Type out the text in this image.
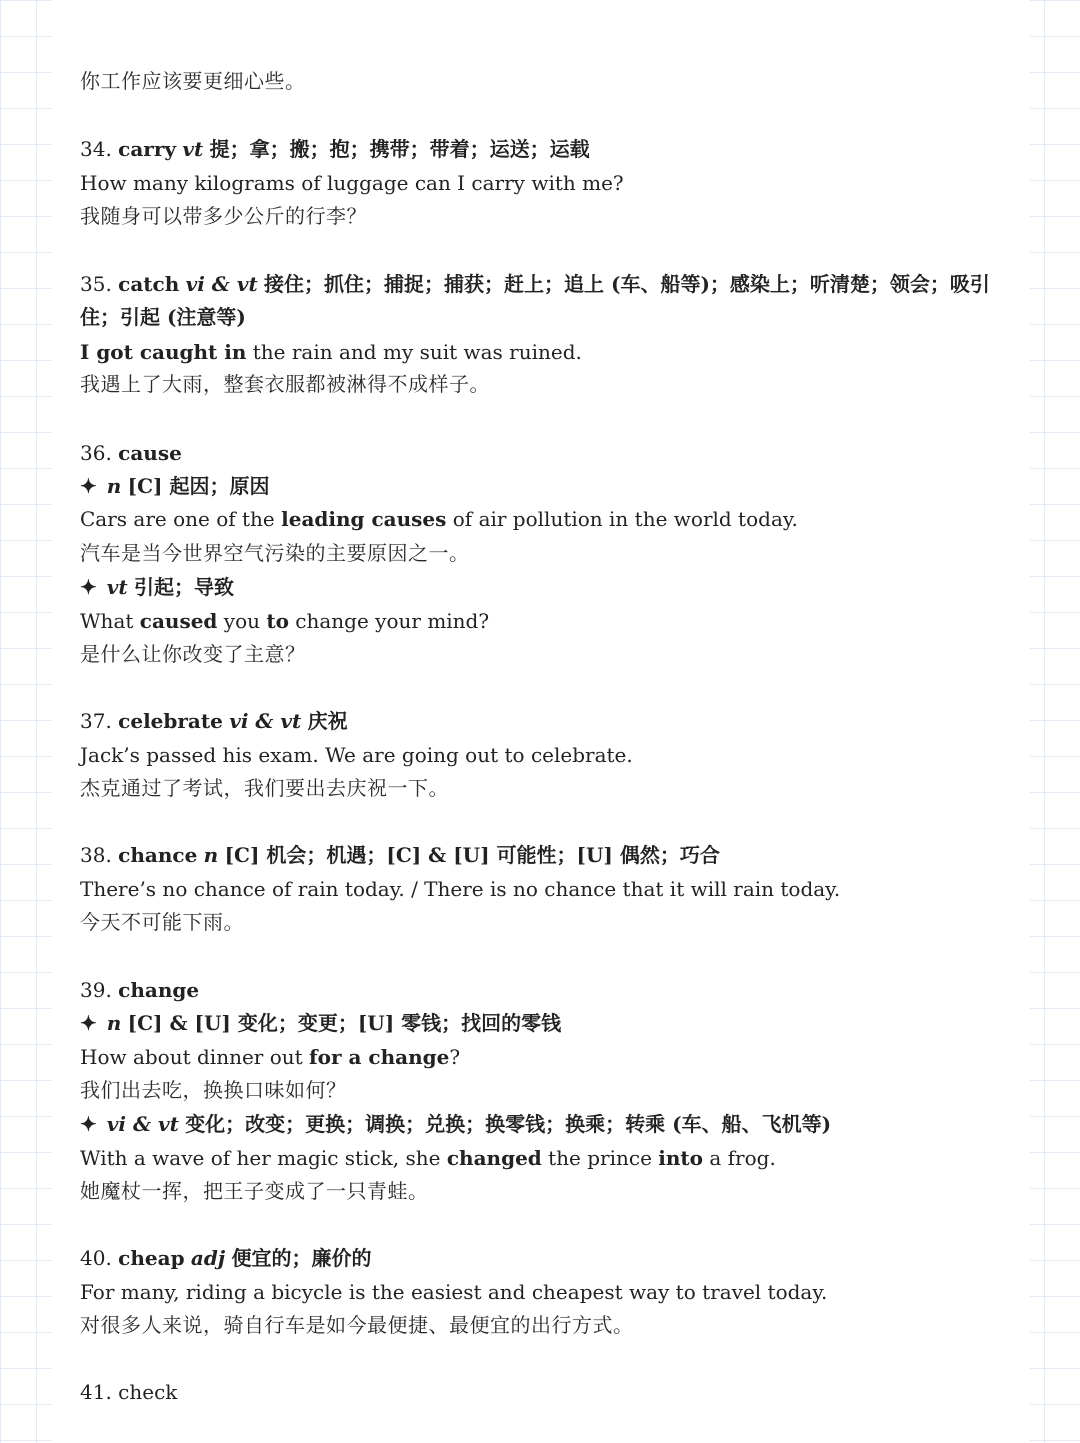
你工作应该要更细心些。
34. carry vt 提；拿；搬；抱；携带；带着；运送；运载
How many kilograms of luggage can I carry with me?
我随身可以带多少公斤的行李？
35. catch vi & vt 接住；抓住；捕捉；捕获；赶上；追上 (车、船等)；感染上；听清楚；领会；吸引住；引起 (注意等)
I got caught in the rain and my suit was ruined.
我遇上了大雨，整套衣服都被淋得不成样子。
36. cause
✦ n [C] 起因；原因
Cars are one of the leading causes of air pollution in the world today.
汽车是当今世界空气污染的主要原因之一。
✦ vt 引起；导致
What caused you to change your mind?
是什么让你改变了主意？
37. celebrate vi & vt 庆祝
Jack’s passed his exam. We are going out to celebrate.
杰克通过了考试，我们要出去庆祝一下。
38. chance n [C] 机会；机遇；[C] & [U] 可能性；[U] 偶然；巧合
There’s no chance of rain today. / There is no chance that it will rain today.
今天不可能下雨。
39. change
✦ n [C] & [U] 变化；变更；[U] 零钱；找回的零钱
How about dinner out for a change?
我们出去吃，换换口味如何？
✦ vi & vt 变化；改变；更换；调换；兑换；换零钱；换乘；转乘 (车、船、飞机等)
With a wave of her magic stick, she changed the prince into a frog.
她魔杖一挥，把王子变成了一只青蛙。
40. cheap adj 便宜的；廉价的
For many, riding a bicycle is the easiest and cheapest way to travel today.
对很多人来说，骑自行车是如今最便捷、最便宜的出行方式。
41. check
